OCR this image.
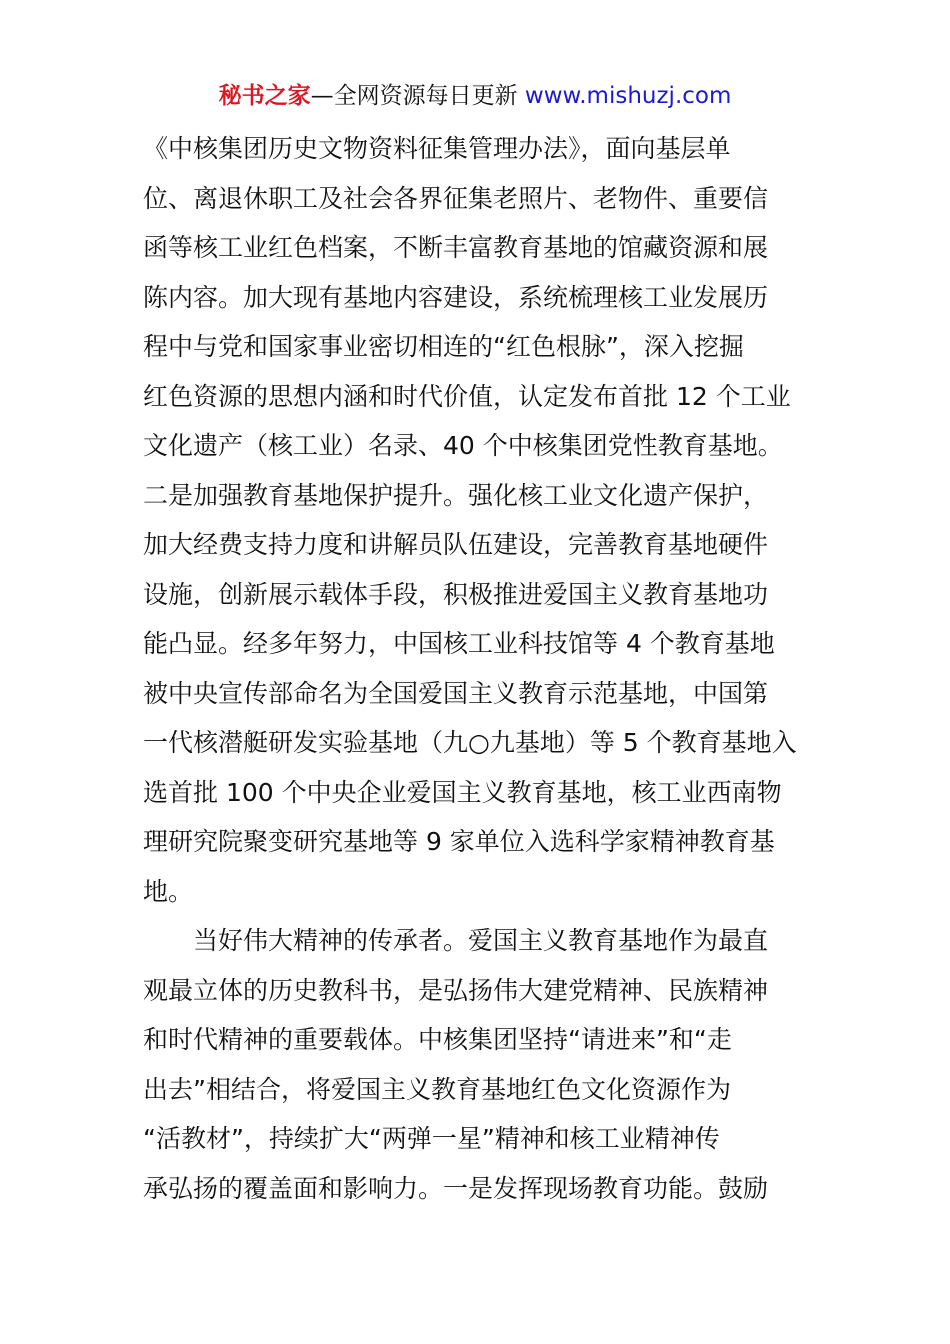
秘书之家—全网资源每日更新 www.mishuzj.com
《中核集团历史文物资料征集管理办法》，面向基层单
位、离退休职工及社会各界征集老照片、老物件、重要信
函等核工业红色档案，不断丰富教育基地的馆藏资源和展
陈内容。加大现有基地内容建设，系统梳理核工业发展历
程中与党和国家事业密切相连的“红色根脉”，深入挖掘
红色资源的思想内涵和时代价值，认定发布首批 12 个工业
文化遗产（核工业）名录、40 个中核集团党性教育基地。
二是加强教育基地保护提升。强化核工业文化遗产保护，
加大经费支持力度和讲解员队伍建设，完善教育基地硬件
设施，创新展示载体手段，积极推进爱国主义教育基地功
能凸显。经多年努力，中国核工业科技馆等 4 个教育基地
被中央宣传部命名为全国爱国主义教育示范基地，中国第
一代核潜艇研发实验基地（九○九基地）等 5 个教育基地入
选首批 100 个中央企业爱国主义教育基地，核工业西南物
理研究院聚变研究基地等 9 家单位入选科学家精神教育基
地。
当好伟大精神的传承者。爱国主义教育基地作为最直
观最立体的历史教科书，是弘扬伟大建党精神、民族精神
和时代精神的重要载体。中核集团坚持“请进来”和“走
出去”相结合，将爱国主义教育基地红色文化资源作为
“活教材”，持续扩大“两弹一星”精神和核工业精神传
承弘扬的覆盖面和影响力。一是发挥现场教育功能。鼓励
